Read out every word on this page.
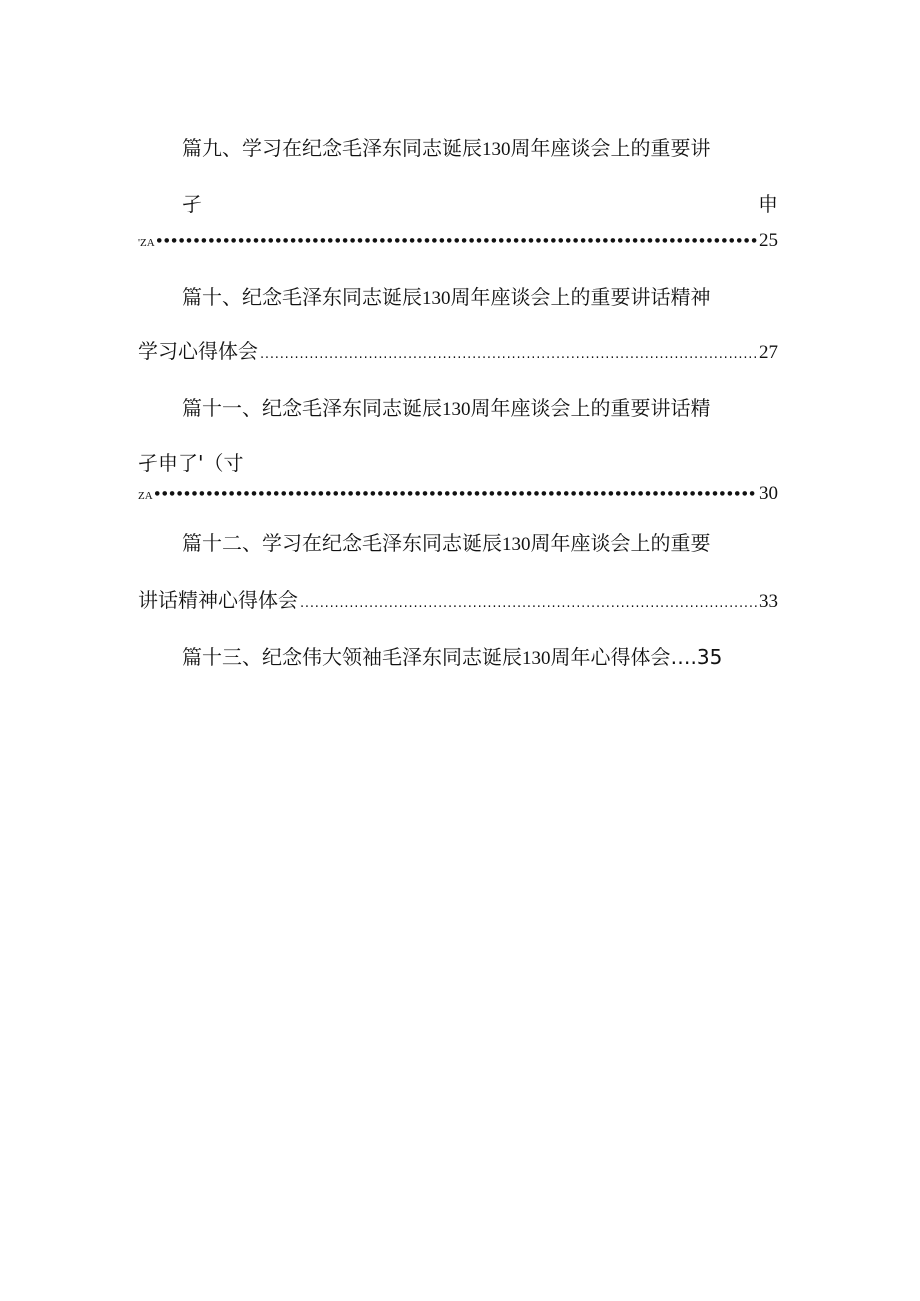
篇九、学习在纪念毛泽东同志诞辰 130 周年座谈会上的重要讲
孑	申
'ZA ●●●●●●●●●●●●●●●●●●●●●●●●●●●●●●●●●●●●●●●●●●●●●●●●●●●●●●●●●●●●●●●●●●●●●●●●●●●●●●●●●●●●●●●●●●●●●●●●	25
篇十、纪念毛泽东同志诞辰 130 周年座谈会上的重要讲话精神
学习心得体会 .....	27
篇十一、纪念毛泽东同志诞辰 130 周年座谈会上的重要讲话精
孑申了'（寸
ZA ●●●●●●●●●●●●●●●●●●●●●●●●●●●●●●●●●●●●●●●●●●●●●●●●●●●●●●●●●●●●●●●●●●●●●●●●●●●●●●●●●●●●●●●●●●●●●●●●	30
篇十二、学习在纪念毛泽东同志诞辰 130 周年座谈会上的重要
讲话精神心得体会 .....	33
篇十三、纪念伟大领袖毛泽东同志诞辰 130 周年心得体会….35
